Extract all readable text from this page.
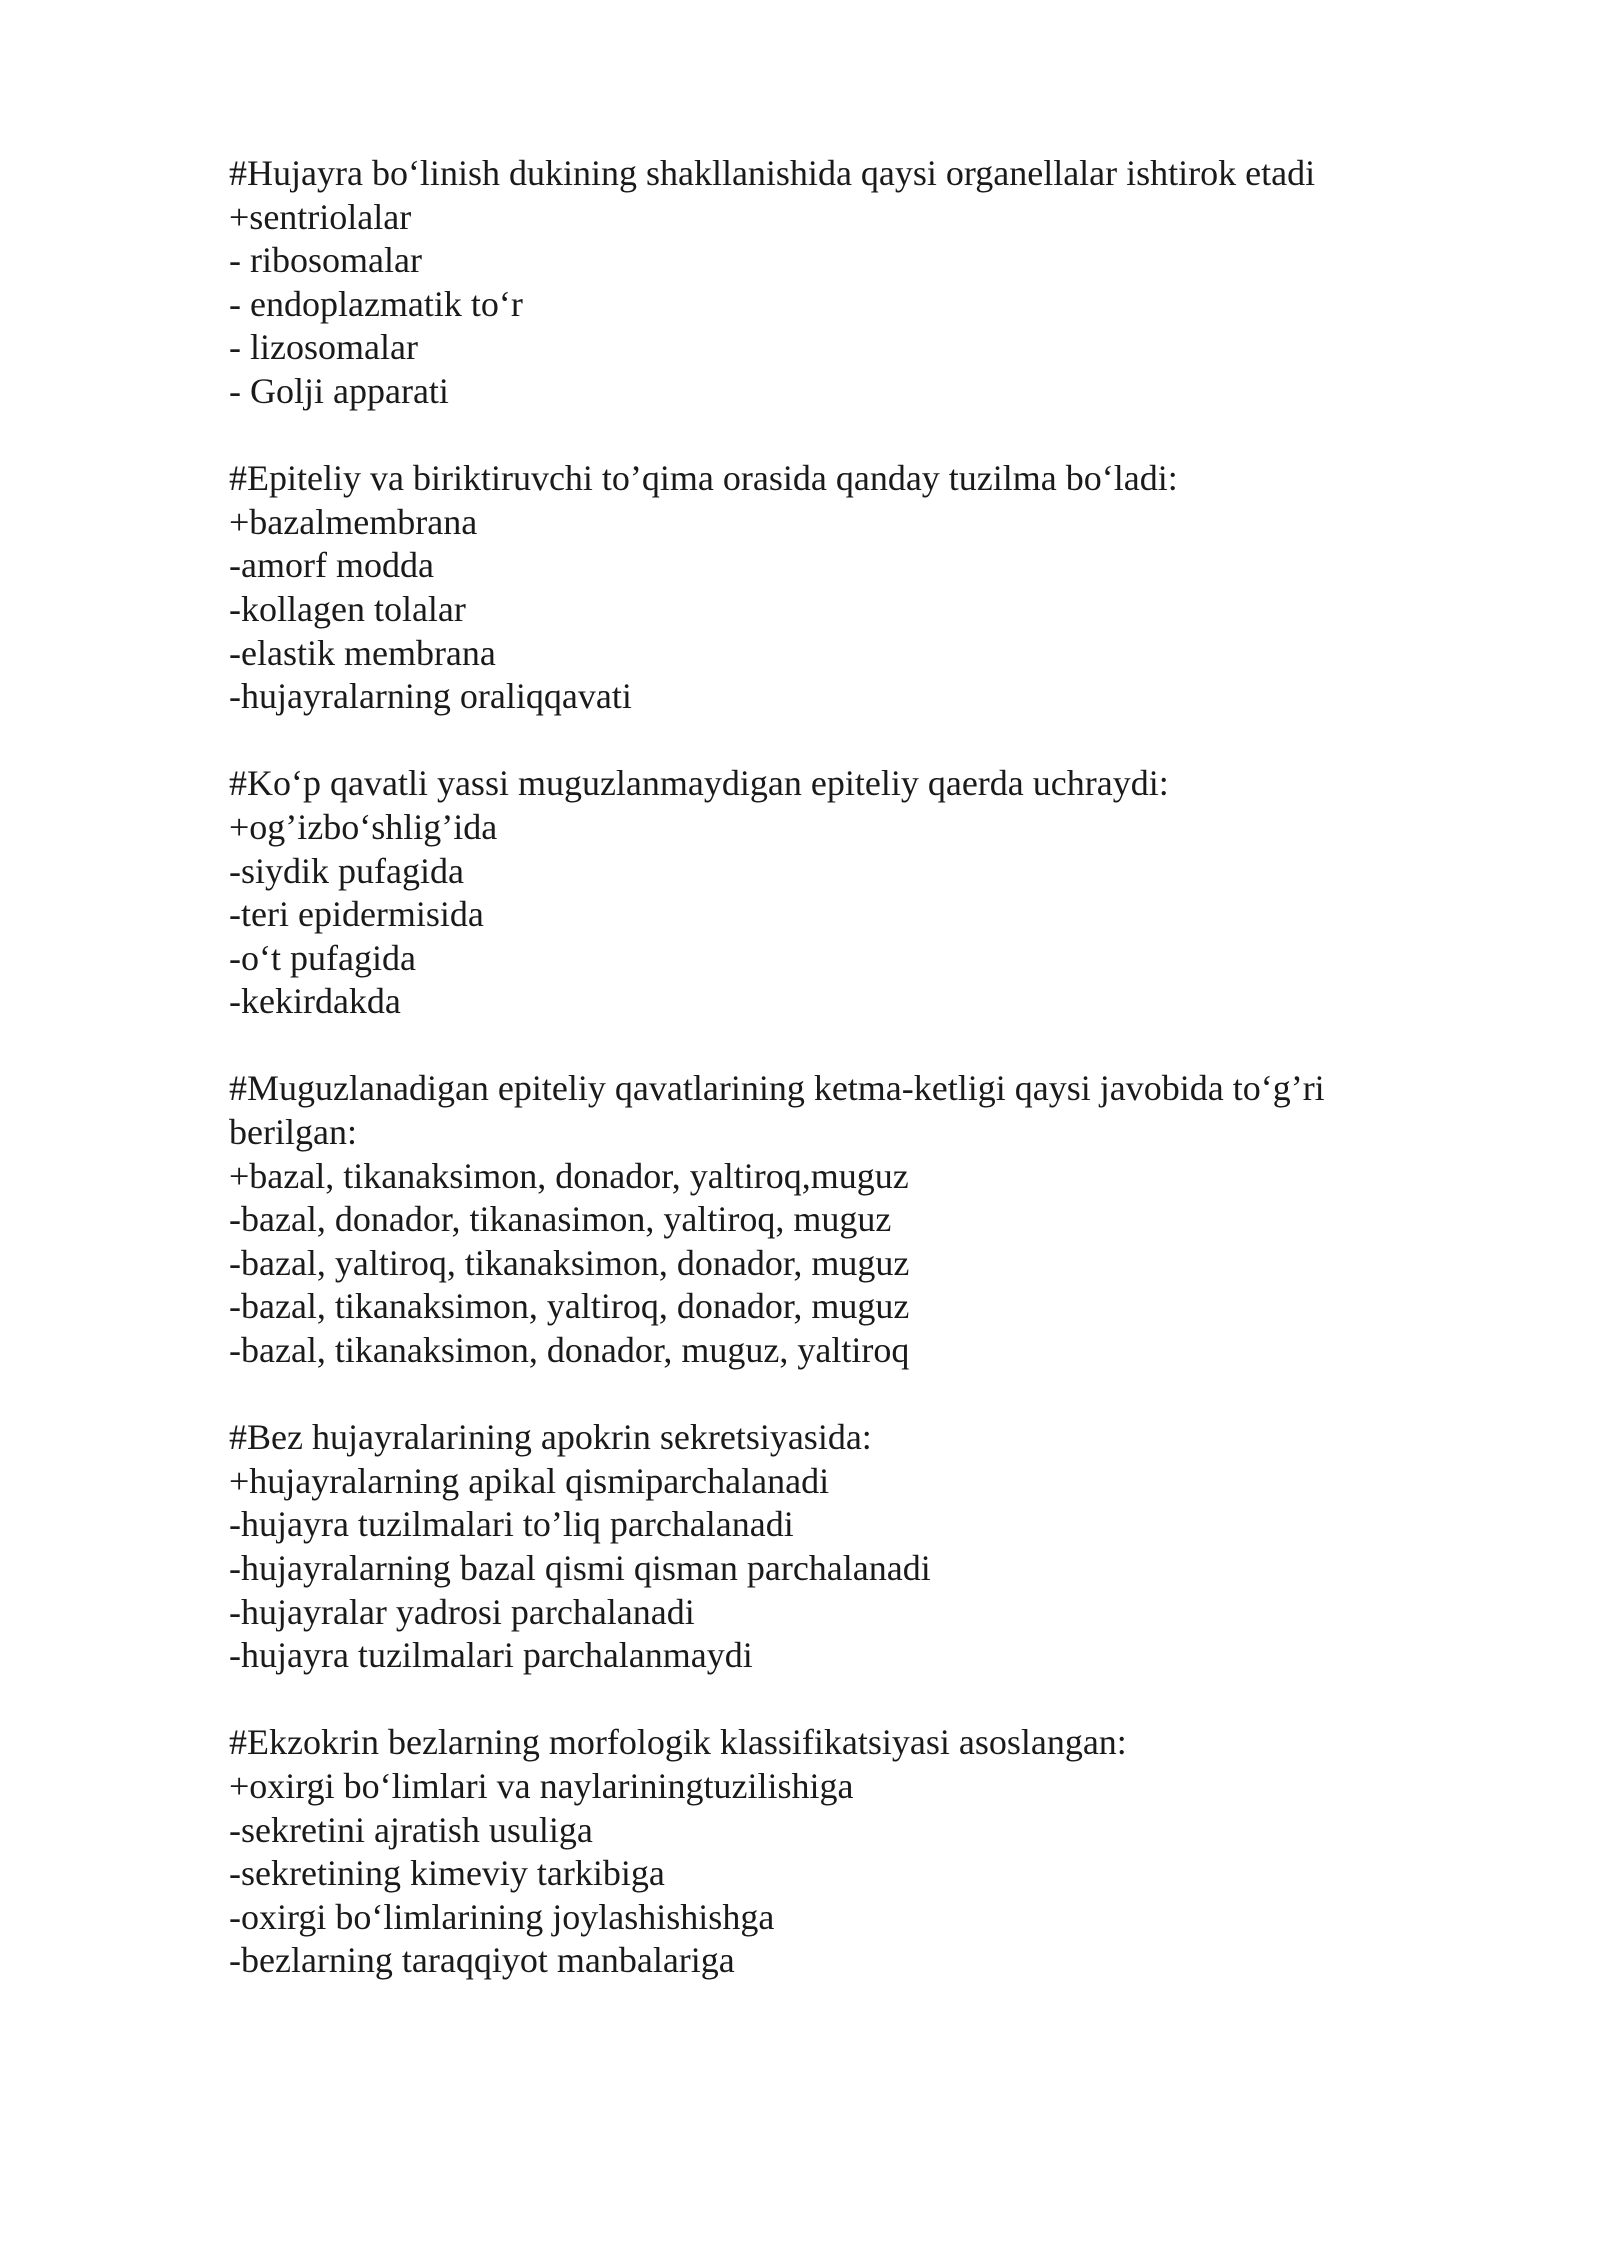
#Hujayra bo‘linish dukining shakllanishida qaysi organellalar ishtirok etadi
+sentriolalar
- ribosomalar
- endoplazmatik to‘r
- lizosomalar
- Golji apparati
#Epiteliy va biriktiruvchi to’qima orasida qanday tuzilma bo‘ladi:
+bazalmembrana
-amorf modda
-kollagen tolalar
-elastik membrana
-hujayralarning oraliqqavati
#Ko‘p qavatli yassi muguzlanmaydigan epiteliy qaerda uchraydi:
+og’izbo‘shlig’ida
-siydik pufagida
-teri epidermisida
-o‘t pufagida
-kekirdakda
#Muguzlanadigan epiteliy qavatlarining ketma-ketligi qaysi javobida to‘g’ri berilgan:
+bazal, tikanaksimon, donador, yaltiroq,muguz
-bazal, donador, tikanasimon, yaltiroq, muguz
-bazal, yaltiroq, tikanaksimon, donador, muguz
-bazal, tikanaksimon, yaltiroq, donador, muguz
-bazal, tikanaksimon, donador, muguz, yaltiroq
#Bez hujayralarining apokrin sekretsiyasida:
+hujayralarning apikal qismiparchalanadi
-hujayra tuzilmalari to’liq parchalanadi
-hujayralarning bazal qismi qisman parchalanadi
-hujayralar yadrosi parchalanadi
-hujayra tuzilmalari parchalanmaydi
#Ekzokrin bezlarning morfologik klassifikatsiyasi asoslangan:
+oxirgi bo‘limlari va naylariningtuzilishiga
-sekretini ajratish usuliga
-sekretining kimeviy tarkibiga
-oxirgi bo‘limlarining joylashishishga
-bezlarning taraqqiyot manbalariga
